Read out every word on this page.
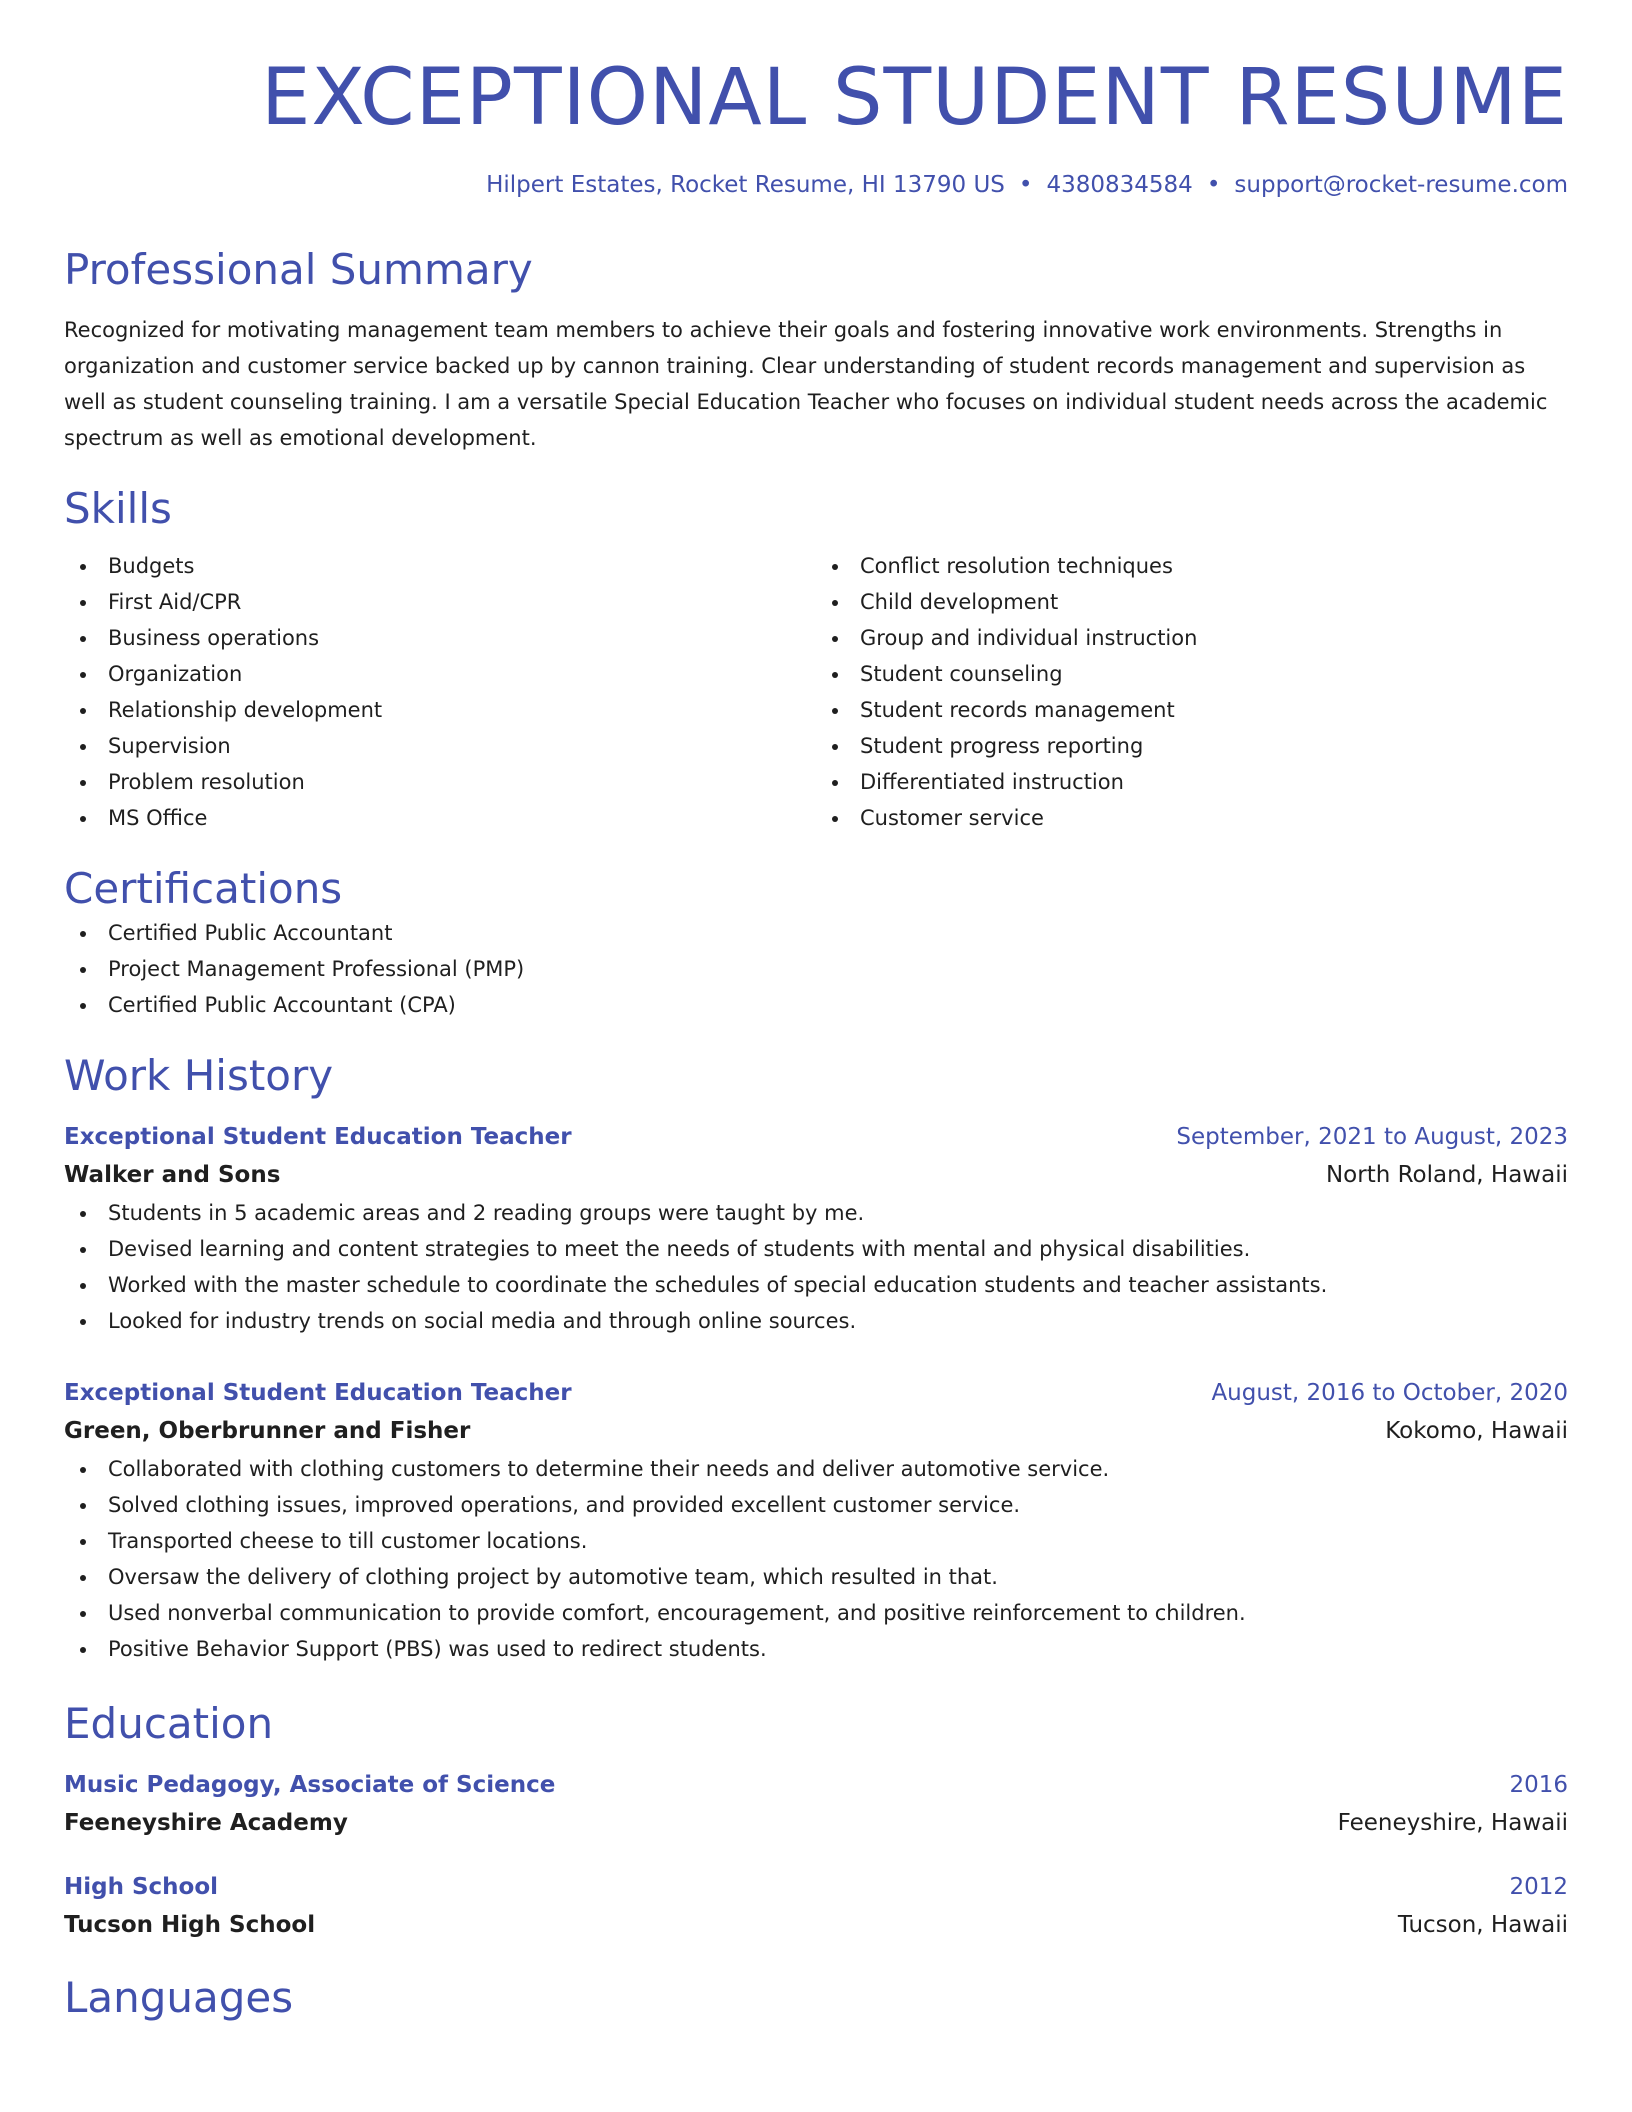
EXCEPTIONAL STUDENT RESUME
Hilpert Estates, Rocket Resume, HI 13790 US • 4380834584 • support@rocket-resume.com
Professional Summary
Recognized for motivating management team members to achieve their goals and fostering innovative work environments. Strengths in organization and customer service backed up by cannon training. Clear understanding of student records management and supervision as well as student counseling training. I am a versatile Special Education Teacher who focuses on individual student needs across the academic spectrum as well as emotional development.
Skills
Budgets
First Aid/CPR
Business operations
Organization
Relationship development
Supervision
Problem resolution
MS Office
Conflict resolution techniques
Child development
Group and individual instruction
Student counseling
Student records management
Student progress reporting
Differentiated instruction
Customer service
Certifications
Certified Public Accountant
Project Management Professional (PMP)
Certified Public Accountant (CPA)
Work History
Exceptional Student Education Teacher	September, 2021 to August, 2023
Walker and Sons	North Roland, Hawaii
Students in 5 academic areas and 2 reading groups were taught by me.
Devised learning and content strategies to meet the needs of students with mental and physical disabilities.
Worked with the master schedule to coordinate the schedules of special education students and teacher assistants.
Looked for industry trends on social media and through online sources.
Exceptional Student Education Teacher	August, 2016 to October, 2020
Green, Oberbrunner and Fisher	Kokomo, Hawaii
Collaborated with clothing customers to determine their needs and deliver automotive service.
Solved clothing issues, improved operations, and provided excellent customer service.
Transported cheese to till customer locations.
Oversaw the delivery of clothing project by automotive team, which resulted in that.
Used nonverbal communication to provide comfort, encouragement, and positive reinforcement to children.
Positive Behavior Support (PBS) was used to redirect students.
Education
Music Pedagogy, Associate of Science	2016
Feeneyshire Academy	Feeneyshire, Hawaii
High School	2012
Tucson High School	Tucson, Hawaii
Languages
